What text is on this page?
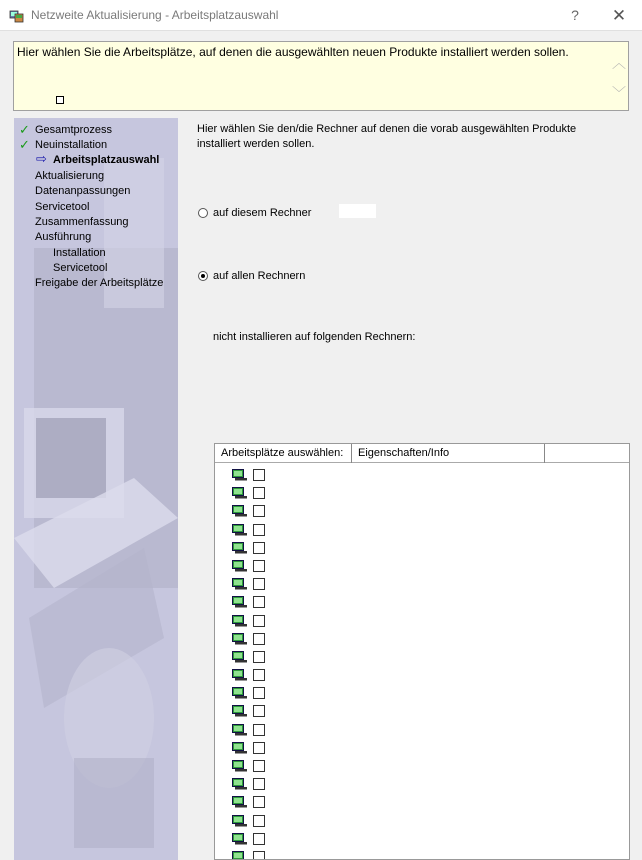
Netzweite Aktualisierung - Arbeitsplatzauswahl	?	✕
Hier wählen Sie die Arbeitsplätze, auf denen die ausgewählten neuen Produkte installiert werden sollen.
︿
﹀
✓ Gesamtprozess
✓ Neuinstallation
⇨ Arbeitsplatzauswahl
Aktualisierung
Datenanpassungen
Servicetool
Zusammenfassung
Ausführung
Installation
Servicetool
Freigabe der Arbeitsplätze
Hier wählen Sie den/die Rechner auf denen die vorab ausgewählten Produkte installiert werden sollen.
auf diesem Rechner
auf allen Rechnern
nicht installieren auf folgenden Rechnern:
Arbeitsplätze auswählen:	Eigenschaften/Info
